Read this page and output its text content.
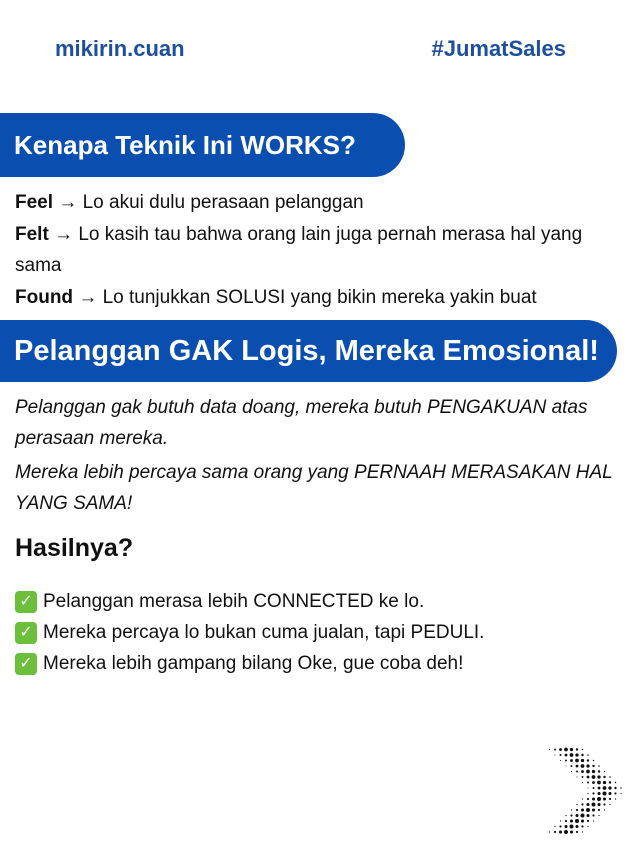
mikirin.cuan	#JumatSales
Kenapa Teknik Ini WORKS?

Feel → Lo akui dulu perasaan pelanggan

Felt → Lo kasih tau bahwa orang lain juga pernah merasa hal yang sama

Found → Lo tunjukkan SOLUSI yang bikin mereka yakin buat

Pelanggan GAK Logis, Mereka Emosional!

Pelanggan gak butuh data doang, mereka butuh PENGAKUAN atas perasaan mereka.

Mereka lebih percaya sama orang yang PERNAAH MERASAKAN HAL YANG SAMA!

Hasilnya?
✓ Pelanggan merasa lebih CONNECTED ke lo.
✓ Mereka percaya lo bukan cuma jualan, tapi PEDULI.
✓ Mereka lebih gampang bilang Oke, gue coba deh!
